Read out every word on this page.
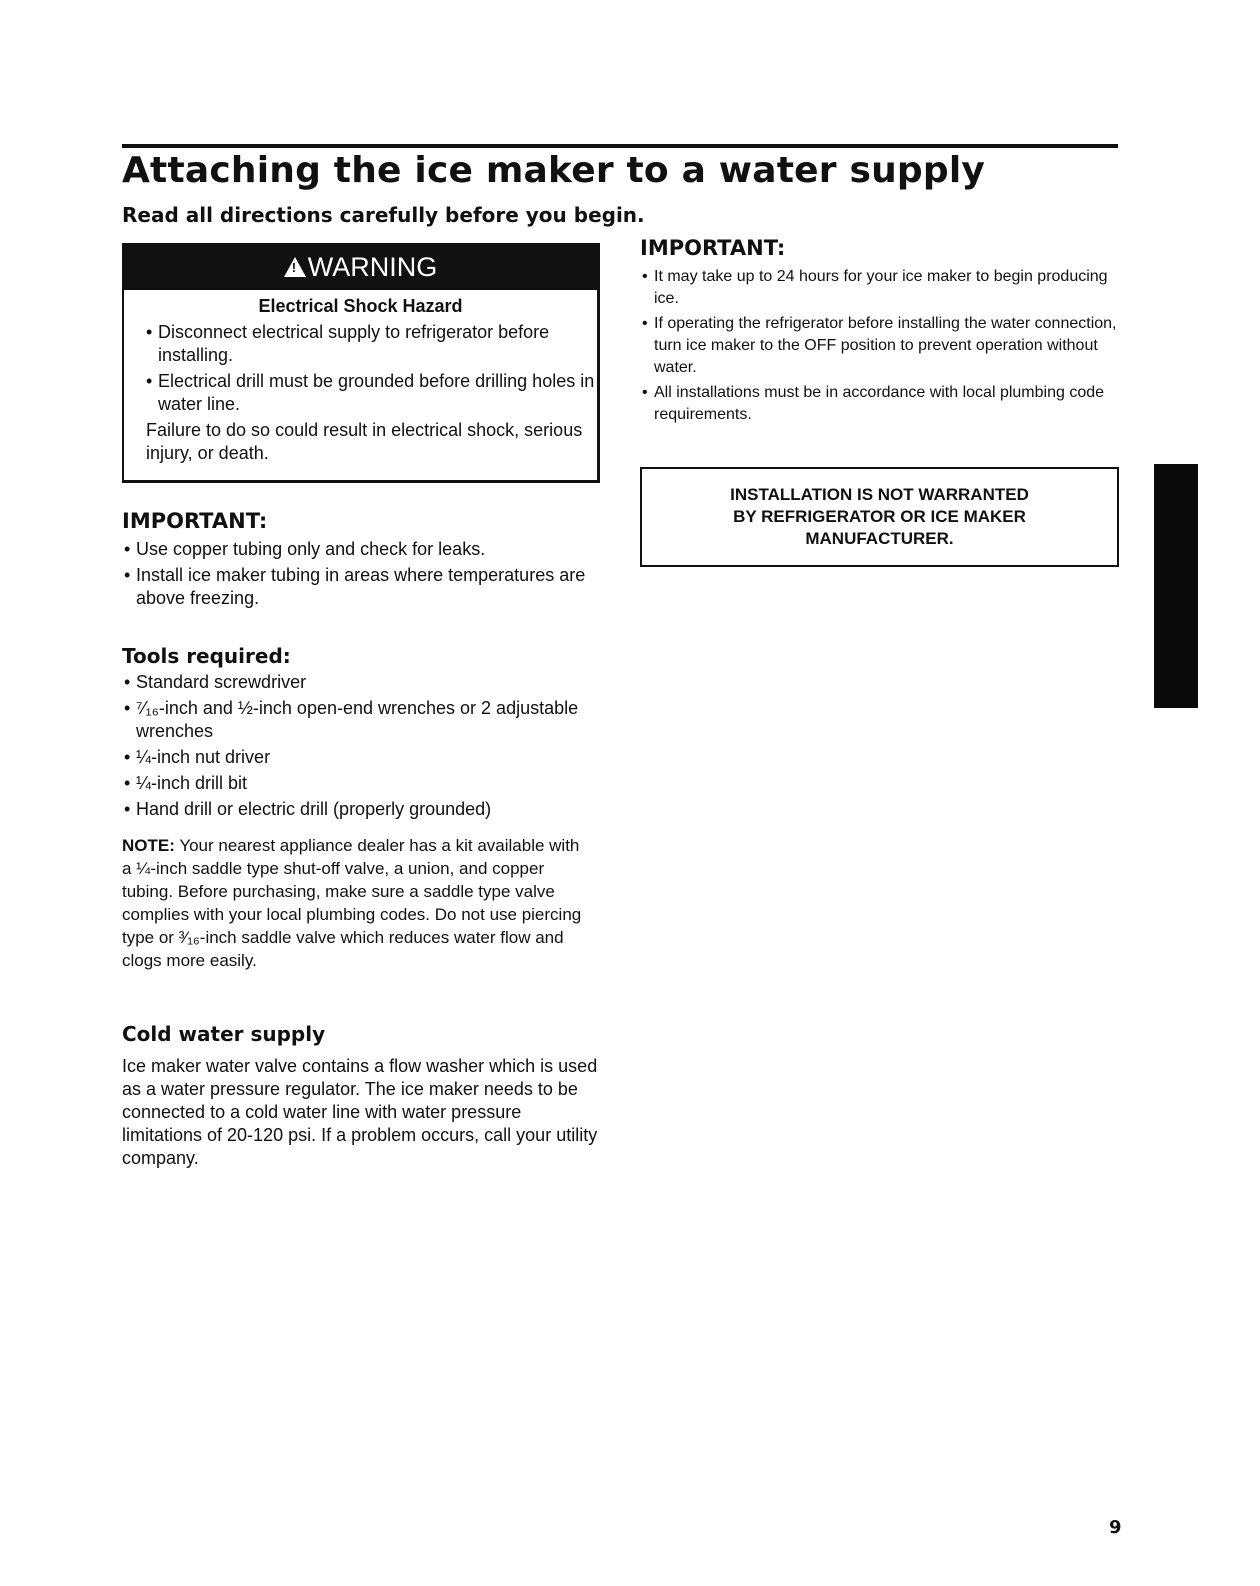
Attaching the ice maker to a water supply

Read all directions carefully before you begin.

! WARNING
Electrical Shock Hazard
• Disconnect electrical supply to refrigerator before installing.
• Electrical drill must be grounded before drilling holes in water line.

Failure to do so could result in electrical shock, serious injury, or death.

IMPORTANT:
• Use copper tubing only and check for leaks.
• Install ice maker tubing in areas where temperatures are above freezing.
Tools required:
• Standard screwdriver
• ⁷⁄₁₆-inch and ½-inch open-end wrenches or 2 adjustable wrenches
• ¼-inch nut driver
• ¼-inch drill bit
• Hand drill or electric drill (properly grounded)

NOTE: Your nearest appliance dealer has a kit available with a ¼-inch saddle type shut-off valve, a union, and copper tubing. Before purchasing, make sure a saddle type valve complies with your local plumbing codes. Do not use piercing type or ³⁄₁₆-inch saddle valve which reduces water flow and clogs more easily.

Cold water supply

Ice maker water valve contains a flow washer which is used as a water pressure regulator. The ice maker needs to be connected to a cold water line with water pressure limitations of 20-120 psi. If a problem occurs, call your utility company.

IMPORTANT:
• It may take up to 24 hours for your ice maker to begin producing ice.
• If operating the refrigerator before installing the water connection, turn ice maker to the OFF position to prevent operation without water.
• All installations must be in accordance with local plumbing code requirements.
INSTALLATION IS NOT WARRANTED
BY REFRIGERATOR OR ICE MAKER
MANUFACTURER.
9
